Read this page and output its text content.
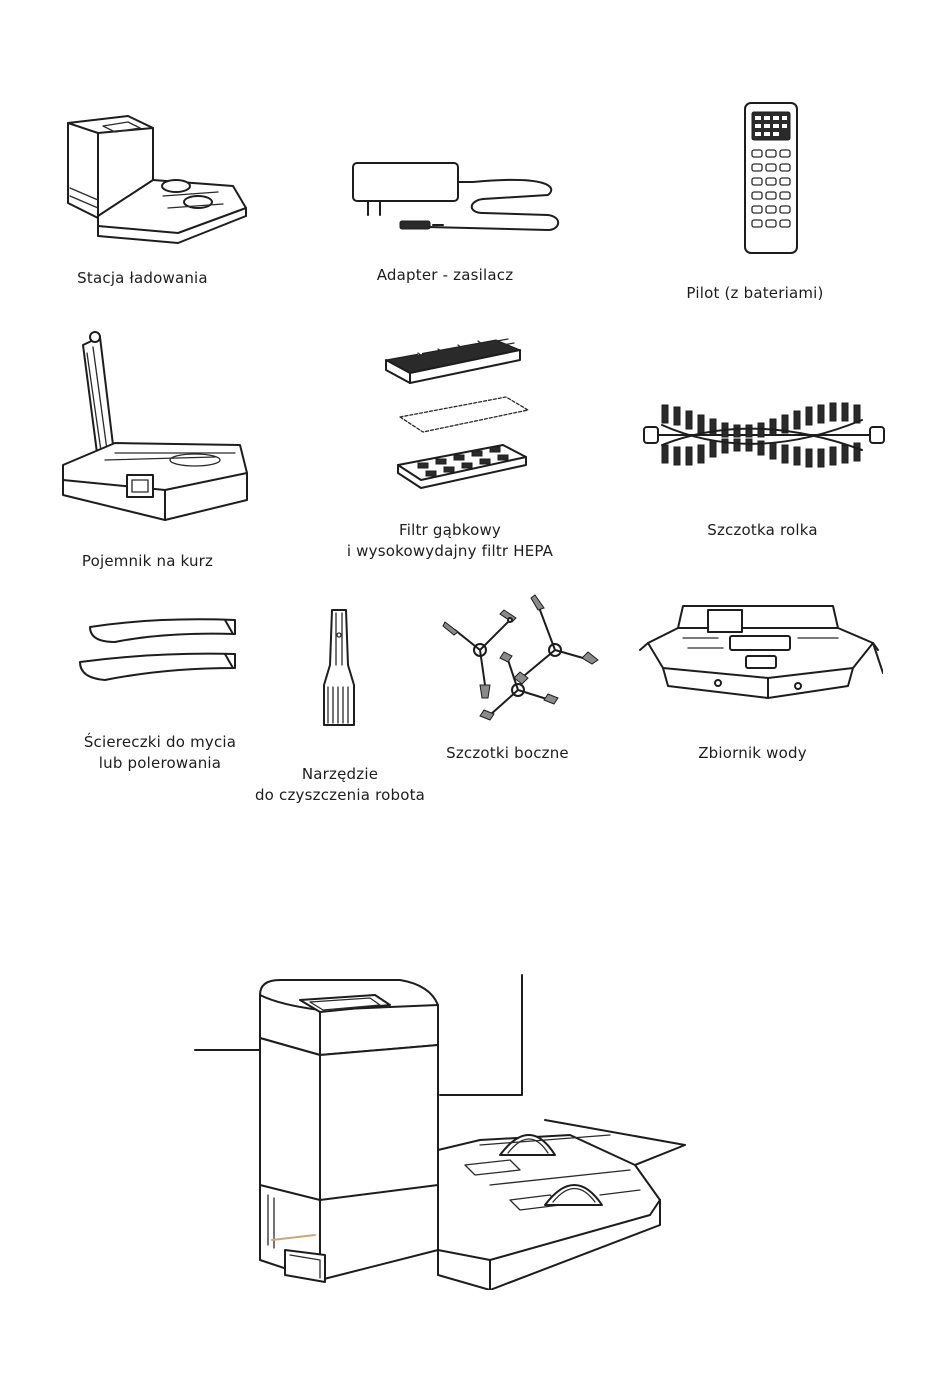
Stacja ładowania	Adapter - zasilacz
Pilot (z bateriami)
Pojemnik na kurz
Filtr gąbkowy
i wysokowydajny filtr HEPA
Szczotka rolka
Ściereczki do mycia
lub polerowania
Narzędzie
do czyszczenia robota
Szczotki boczne	Zbiornik wody
